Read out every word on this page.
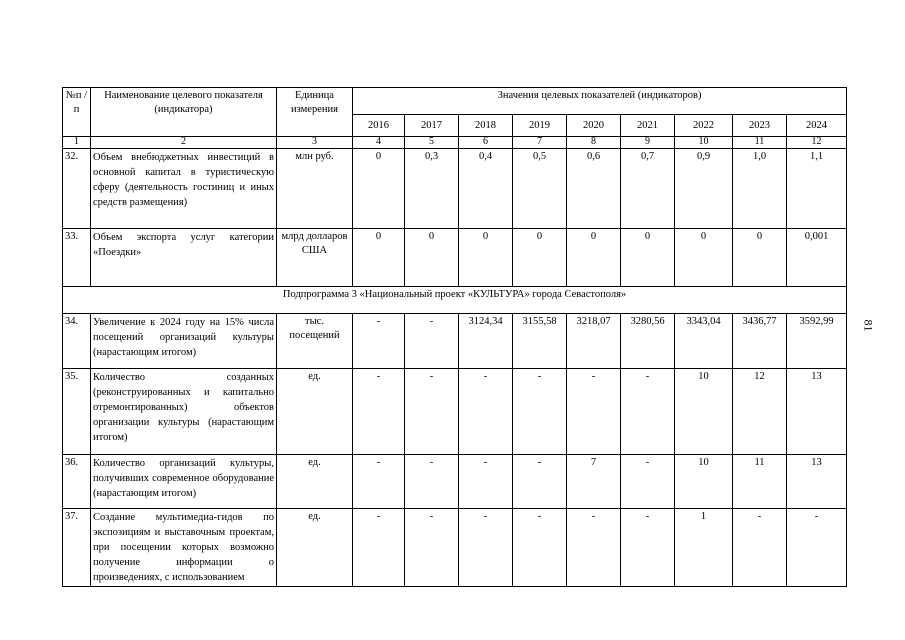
№п /п	Наименование целевого показателя (индикатора)	Единица измерения	Значения целевых показателей (индикаторов)								
			2016	2017	2018	2019	2020	2021	2022	2023	2024
1	2	3	4	5	6	7	8	9	10	11	12
32.	Объем внебюджетных инвестиций в основной капитал в туристическую сферу (деятельность гостиниц и иных средств размещения)	млн руб.	0	0,3	0,4	0,5	0,6	0,7	0,9	1,0	1,1
33.	Объем экспорта услуг категории «Поездки»	млрд долларов США	0	0	0	0	0	0	0	0	0,001
Подпрограмма 3 «Национальный проект «КУЛЬТУРА» города Севастополя»											
34.	Увеличение к 2024 году на 15% числа посещений организаций культуры (нарастающим итогом)	тыс. посещений	-	-	3124,34	3155,58	3218,07	3280,56	3343,04	3436,77	3592,99
35.	Количество созданных (реконструированных и капитально отремонтированных) объектов организации культуры (нарастающим итогом)	ед.	-	-	-	-	-	-	10	12	13
36.	Количество организаций культуры, получивших современное оборудование (нарастающим итогом)	ед.	-	-	-	-	7	-	10	11	13
37.	Создание мультимедиа-гидов по экспозициям и выставочным проектам, при посещении которых возможно получение информации о произведениях, с использованием	ед.	-	-	-	-	-	-	1	-	-
81
